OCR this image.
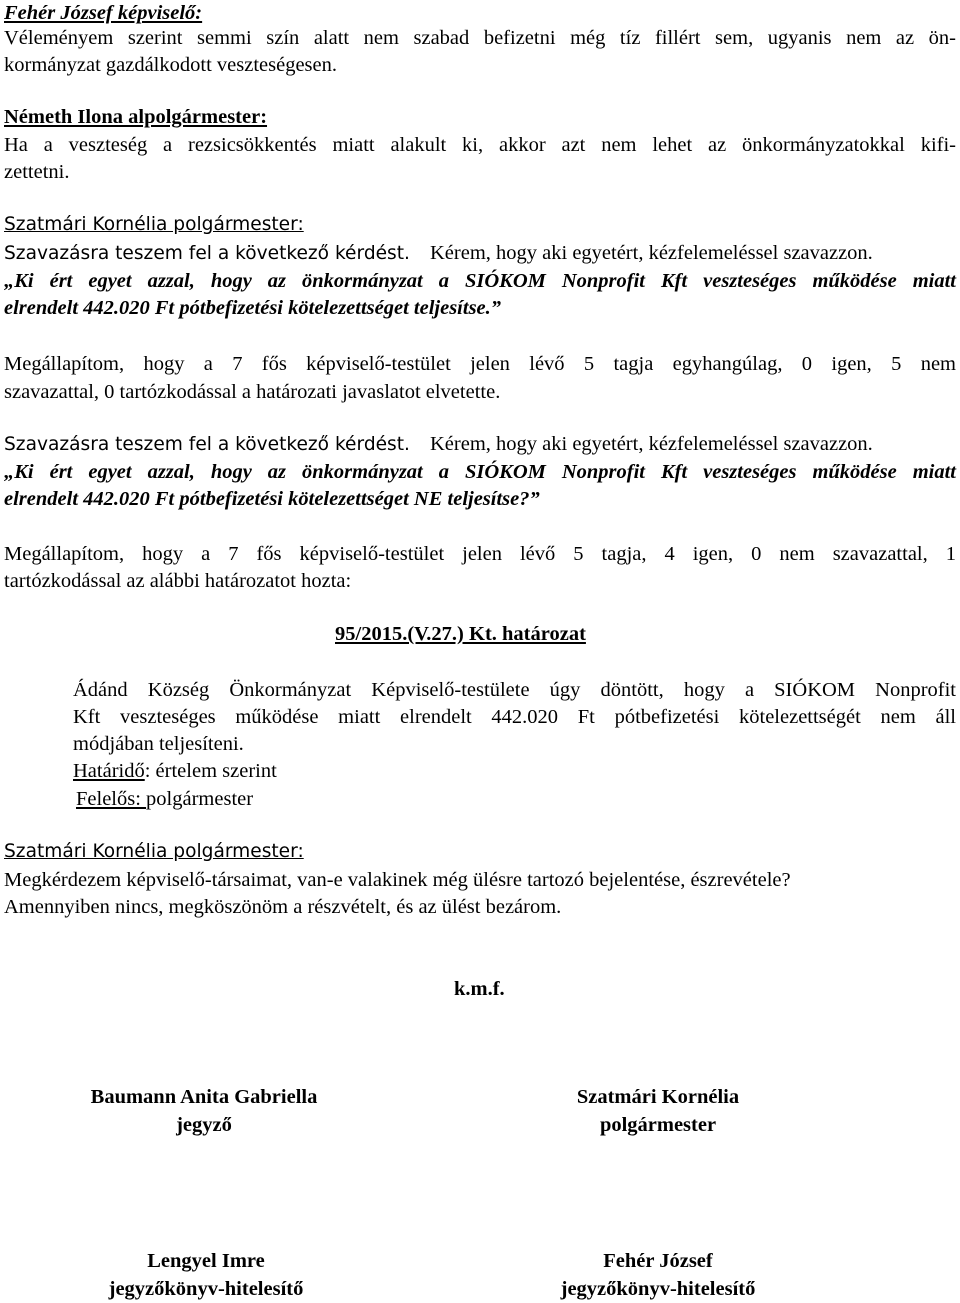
Fehér József képviselő:
Véleményem szerint semmi szín alatt nem szabad befizetni még tíz fillért sem, ugyanis nem az ön-
kormányzat gazdálkodott veszteségesen.
Németh Ilona alpolgármester:
Ha a veszteség a rezsicsökkentés miatt alakult ki, akkor azt nem lehet az önkormányzatokkal kifi-
zettetni.
Szatmári Kornélia polgármester:
Szavazásra teszem fel a következő kérdést. Kérem, hogy aki egyetért, kézfelemeléssel szavazzon.
„Ki ért egyet azzal, hogy az önkormányzat a SIÓKOM Nonprofit Kft veszteséges működése miatt
elrendelt 442.020 Ft pótbefizetési kötelezettséget teljesítse.”
Megállapítom, hogy a 7 fős képviselő-testület jelen lévő 5 tagja egyhangúlag, 0 igen, 5 nem
szavazattal, 0 tartózkodással a határozati javaslatot elvetette.
Szavazásra teszem fel a következő kérdést. Kérem, hogy aki egyetért, kézfelemeléssel szavazzon.
„Ki ért egyet azzal, hogy az önkormányzat a SIÓKOM Nonprofit Kft veszteséges működése miatt
elrendelt 442.020 Ft pótbefizetési kötelezettséget NE teljesítse?”
Megállapítom, hogy a 7 fős képviselő-testület jelen lévő 5 tagja, 4 igen, 0 nem szavazattal, 1
tartózkodással az alábbi határozatot hozta:
95/2015.(V.27.) Kt. határozat
Ádánd Község Önkormányzat Képviselő-testülete úgy döntött, hogy a SIÓKOM Nonprofit
Kft veszteséges működése miatt elrendelt 442.020 Ft pótbefizetési kötelezettségét nem áll
módjában teljesíteni.
Határidő: értelem szerint
Felelős: polgármester
Szatmári Kornélia polgármester:
Megkérdezem képviselő-társaimat, van-e valakinek még ülésre tartozó bejelentése, észrevétele?
Amennyiben nincs, megköszönöm a részvételt, és az ülést bezárom.
k.m.f.
Baumann Anita Gabriella
jegyző
Szatmári Kornélia
polgármester
Lengyel Imre
jegyzőkönyv-hitelesítő
Fehér József
jegyzőkönyv-hitelesítő
